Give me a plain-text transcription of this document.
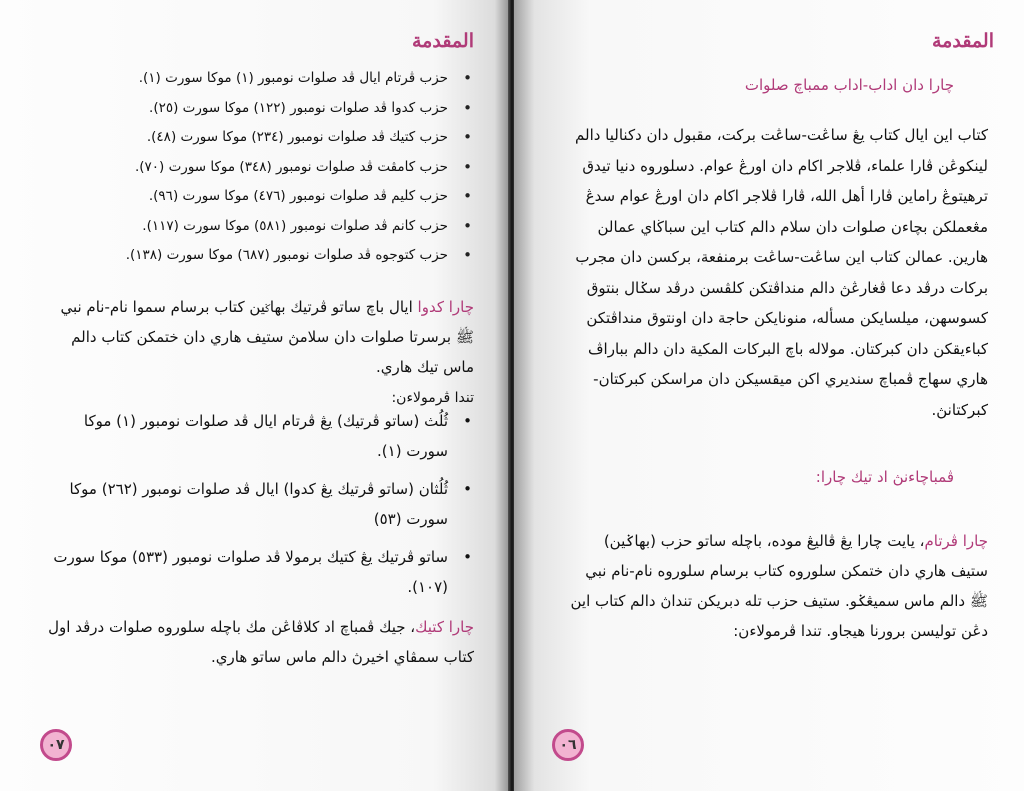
المقدمة
• حزب ڤرتام ايال ڤد صلوات نومبور (١) موكا سورت (١).
• حزب كدوا ڤد صلوات نومبور (١٢٢) موكا سورت (٢٥).
• حزب كتيك ڤد صلوات نومبور (٢٣٤) موكا سورت (٤٨).
• حزب كامڤت ڤد صلوات نومبور (٣٤٨) موكا سورت (٧٠).
• حزب كليم ڤد صلوات نومبور (٤٧٦) موكا سورت (٩٦).
• حزب كانم ڤد صلوات نومبور (٥٨١) موكا سورت (١١٧).
• حزب كتوجوه ڤد صلوات نومبور (٦٨٧) موكا سورت (١٣٨).
چارا كدوا ايال باچ ساتو ڤرتيك بهاݢين كتاب برسام سموا نام-نام نبي ﷺ برسرتا صلوات دان سلامڽ ستيف هاري دان ختمكن كتاب دالم ماس تيك هاري.
تندا ڤرمولاءن:
• ثُلُث (ساتو ڤرتيك) يڠ ڤرتام ايال ڤد صلوات نومبور (١) موكا سورت (١).
• ثُلُثان (ساتو ڤرتيك يڠ كدوا) ايال ڤد صلوات نومبور (٢٦٢) موكا سورت (٥٣)
• ساتو ڤرتيك يڠ كتيك برمولا ڤد صلوات نومبور (٥٣٣) موكا سورت (١٠٧).
چارا كتيك، جيك ڤمباچ اد كلاڤاڠن مك باچله سلوروه صلوات درڤد اول كتاب سمڤاي اخيرڽ دالم ماس ساتو هاري.
٠٧
المقدمة
چارا دان اداب-اداب ممباچ صلوات
كتاب اين ايال كتاب يڠ ساڠت-ساڠت بركت، مقبول دان دكناليا دالم لينكوڠن ڤارا علماء، ڤلاجر اكام دان اورڠ عوام. دسلوروه دنيا تيدق ترهيتوڠ راماين ڤارا أهل الله، ڤارا ڤلاجر اكام دان اورڠ عوام سدڠ مڠعملكن بچاءن صلوات دان سلام دالم كتاب اين سباڬاي عمالن هارين. عمالن كتاب اين ساڠت-ساڠت برمنفعة، بركسن دان مجرب بركات درڤد دعا ڤغارڠڽ دالم منداڤتكن كلڤسن درڤد سݢال بنتوق كسوسهن، ميلسايكن مسأله، منونايكن حاجة دان اونتوق منداڤتكن كباءيقكن دان كبركتان. مولاله باچ البركات المكية دان دالم بباراڤ هاري سهاج ڤمباچ سنديري اكن ميقسيكن دان مراسكن كبركتان-كبركتانڽ.
ڤمباچاءنڽ اد تيك چارا:
چارا ڤرتام، يايت چارا يڠ ڤاليڠ موده، باچله ساتو حزب (بهاݢين) ستيف هاري دان ختمكن سلوروه كتاب برسام سلوروه نام-نام نبي ﷺ دالم ماس سميڠݢو. ستيف حزب تله دبريكن تنداڽ دالم كتاب اين دڠن توليسن برورنا هيجاو. تندا ڤرمولاءن:
٠٦
